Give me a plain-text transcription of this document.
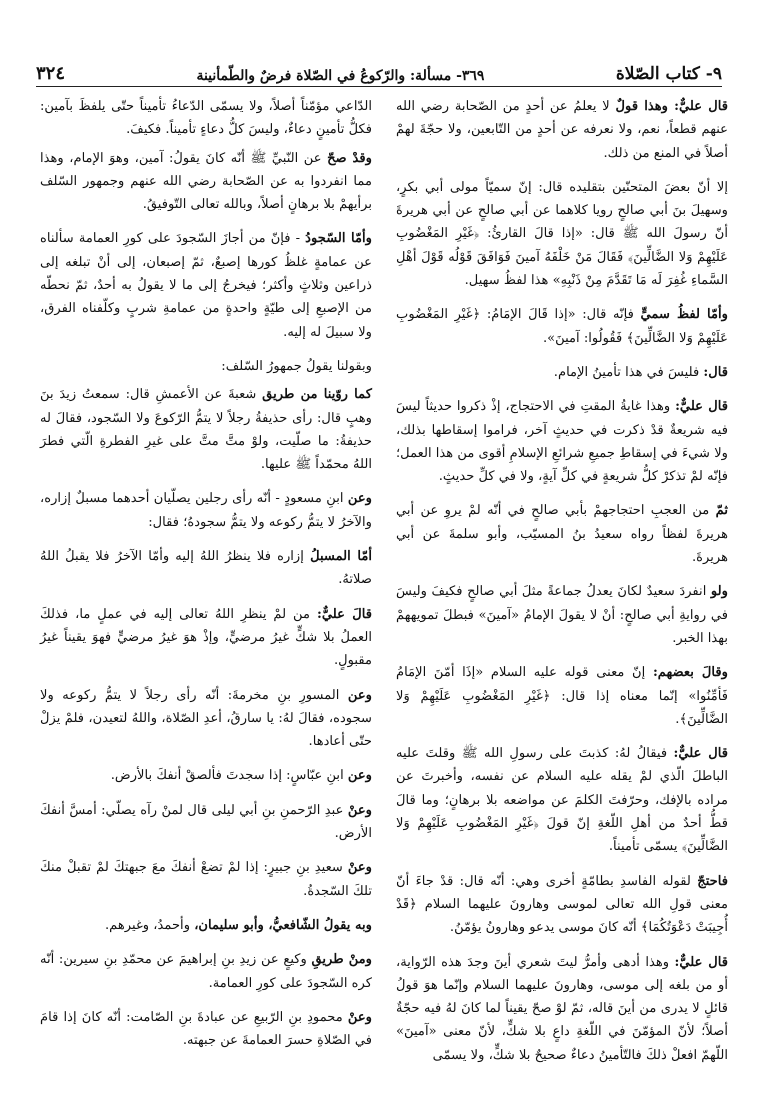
٩- كتاب الصّلاة
٣٦٩- مسألة: والرّكوعُ في الصّلاة فرضٌ والطّمأنينة
٣٢٤

قال عليٌّ: وهذا قولٌ لا يعلمُ عن أحدٍ من الصّحابة رضي الله عنهم قطعاً، نعم، ولا نعرفه عن أحدٍ من التّابعين، ولا حجّةَ لهمْ أصلاً في المنع من ذلك.

إلا أنّ بعضَ المتحنّين بتقليده قال: إنّ سميّاً مولى أبي بكرٍ، وسهيلَ بنَ أبي صالحٍ رويا كلاهما عن أبي صالحٍ عن أبي هريرةَ أنّ رسولَ الله ﷺ قال: «إذا قالَ القارئُ: ﴿غَيْرِ المَغْضُوبِ عَلَيْهِمْ وَلا الضَّالِّينَ﴾ فَقَالَ مَنْ خَلْفَهُ آمينَ فَوَافَقَ قَوْلُه قَوْلَ أهْلِ السَّماءِ غُفِرَ لَه مَا تَقَدَّمَ مِنْ ذَنْبِهِ» هذا لفظُ سهيل.

وأمّا لفظُ سميٍّ فإنّه قال: «إذا قَالَ الإمَامُ: ﴿غَيْرِ المَغْضُوبِ عَلَيْهِمْ وَلا الضَّالِّينَ﴾ فَقُولُوا: آمينَ».

قال: فليسَ في هذا تأمينُ الإمام.

قال عليٌّ: وهذا غايةُ المقتِ في الاحتجاج، إذْ ذكروا حديثاً ليسَ فيه شريعةٌ قدْ ذكرت في حديثٍ آخر، فراموا إسقاطها بذلك، ولا شيءَ في إسقاطِ جميعِ شرائعِ الإسلامِ أقوى من هذا العمل؛ فإنّه لمْ تذكرْ كلُّ شريعةٍ في كلِّ آيةٍ، ولا في كلِّ حديثٍ.

ثمّ من العجبِ احتجاجهمْ بأبي صالحٍ في أنّه لمْ يروِ عن أبي هريرةَ لفظاً رواه سعيدُ بنُ المسيّب، وأبو سلمةَ عن أبي هريرةَ.

ولو انفردَ سعيدٌ لكانَ يعدلُ جماعةً مثلَ أبي صالحٍ فكيفَ وليسَ في روايةِ أبي صالحٍ: أنْ لا يقولَ الإمامُ «آمينَ» فبطلَ تمويههمْ بهذا الخبر.

وقالَ بعضهم: إنّ معنى قوله عليه السلام «إذَا أمّنَ الإمَامُ فَأمِّنُوا» إنّما معناه إذا قال: ﴿غَيْرِ المَغْضُوبِ عَلَيْهِمْ وَلا الضَّالِّينَ﴾.

قال عليٌّ: فيقالُ لهُ: كذبتَ على رسولِ الله ﷺ وقلتَ عليه الباطلَ الّذي لمْ يقله عليه السلام عن نفسه، وأخبرتَ عن مراده بالإفك، وحرّفتَ الكلمَ عن مواضعه بلا برهانٍ؛ وما قالَ قطُّ أحدٌ من أهلِ اللّغةِ إنّ قولَ ﴿غَيْرِ المَغْضُوبِ عَلَيْهِمْ وَلا الضَّالِّينَ﴾ يسمّى تأميناً.

فاحتجّ لقوله الفاسدِ بطامّةٍ أخرى وهي: أنّه قال: قدْ جاءَ أنّ معنى قولِ الله تعالى لموسى وهارونَ عليهما السلام ﴿قَدْ أُجِيبَتْ دَعْوَتُكُمَا﴾ أنّه كانَ موسى يدعو وهارونُ يؤمّنُ.

قال عليٌّ: وهذا أدهى وأمرُّ ليتَ شعري أينَ وجدَ هذه الرّواية، أو من بلغه إلى موسى، وهارونَ عليهما السلام وإنّما هوَ قولُ قائلٍ لا يدرى من أينَ قاله، ثمّ لوْ صحّ يقيناً لما كانَ لهُ فيه حجّةٌ أصلاً؛ لأنّ المؤمّنَ في اللّغةِ داعٍ بلا شكٍّ، لأنّ معنى «آمينَ» اللّهمّ افعلْ ذلكَ فالتّأمينُ دعاءٌ صحيحٌ بلا شكٍّ، ولا يسمّى

الدّاعي مؤمّناً أصلاً، ولا يسمّى الدّعاءُ تأميناً حتّى يلفظَ بآمين: فكلُّ تأمينٍ دعاءٌ، وليسَ كلُّ دعاءٍ تأميناً. فكيفَ.

وقدْ صحّ عن النّبيِّ ﷺ أنّه كانَ يقولُ: آمين، وهوَ الإمام، وهذا مما انفردوا به عن الصّحابة رضي الله عنهم وجمهور السّلف برأيهمْ بلا برهانٍ أصلاً، وبالله تعالى التّوفيقُ.

وأمّا السّجودُ - فإنّ من أجازَ السّجودَ على كورِ العمامة سألناه عن عمامةٍ غلظُ كورها إصبعٌ، ثمّ إصبعان، إلى أنْ تبلغه إلى ذراعين وثلاثٍ وأكثر؛ فيخرجُ إلى ما لا يقولُ به أحدٌ، ثمّ نحطّه من الإصبعِ إلى طيّةٍ واحدةٍ من عمامةِ شربٍ وكلّفناه الفرق، ولا سبيلَ له إليه.

وبقولنا يقولُ جمهورُ السّلف:

كما روّينا من طريق شعبةَ عن الأعمشِ قال: سمعتُ زيدَ بنَ وهبٍ قال: رأى حذيفةُ رجلاً لا يتمُّ الرّكوعَ ولا السّجود، فقالَ له حذيفةُ: ما صلّيت، ولوْ متَّ متَّ على غيرِ الفطرةِ الّتي فطرَ اللهُ محمّداً ﷺ عليها.

وعن ابنِ مسعودٍ - أنّه رأى رجلين يصلّيان أحدهما مسبلٌ إزاره، والآخرُ لا يتمُّ ركوعه ولا يتمُّ سجودهُ؛ فقال:

أمّا المسبلُ إزاره فلا ينظرُ اللهُ إليه وأمّا الآخرُ فلا يقبلُ اللهُ صلاتهُ.

قالَ عليٌّ: من لمْ ينظرِ اللهُ تعالى إليه في عملٍ ما، فذلكَ العملُ بلا شكٍّ غيرُ مرضيٍّ، وإذْ هوَ غيرُ مرضيٍّ فهوَ يقيناً غيرُ مقبولٍ.

وعن المسورِ بنِ مخرمةَ: أنّه رأى رجلاً لا يتمُّ ركوعه ولا سجوده، فقالَ لهُ: يا سارقُ، أعدِ الصّلاة، واللهُ لتعيدن، فلمْ يزلْ حتّى أعادها.

وعن ابنِ عبّاسٍ: إذا سجدتَ فألصقْ أنفكَ بالأرض.

وعنْ عبدِ الرّحمنِ بنِ أبي ليلى قال لمنْ رآه يصلّي: أمسَّ أنفكَ الأرض.

وعنْ سعيدِ بنِ جبيرٍ: إذا لمْ تضعْ أنفكَ معَ جبهتكَ لمْ تقبلْ منكَ تلكَ السّجدةُ.

وبه يقولُ الشّافعيُّ، وأبو سليمان، وأحمدُ، وغيرهم.

ومنْ طريقِ وكيعٍ عن زيدِ بنِ إبراهيمَ عن محمّدِ بنِ سيرين: أنّه كره السّجودَ على كورِ العمامة.

وعنْ محمودِ بنِ الرّبيعِ عن عبادةَ بنِ الصّامت: أنّه كانَ إذا قامَ في الصّلاةِ حسرَ العمامةَ عن جبهته.
